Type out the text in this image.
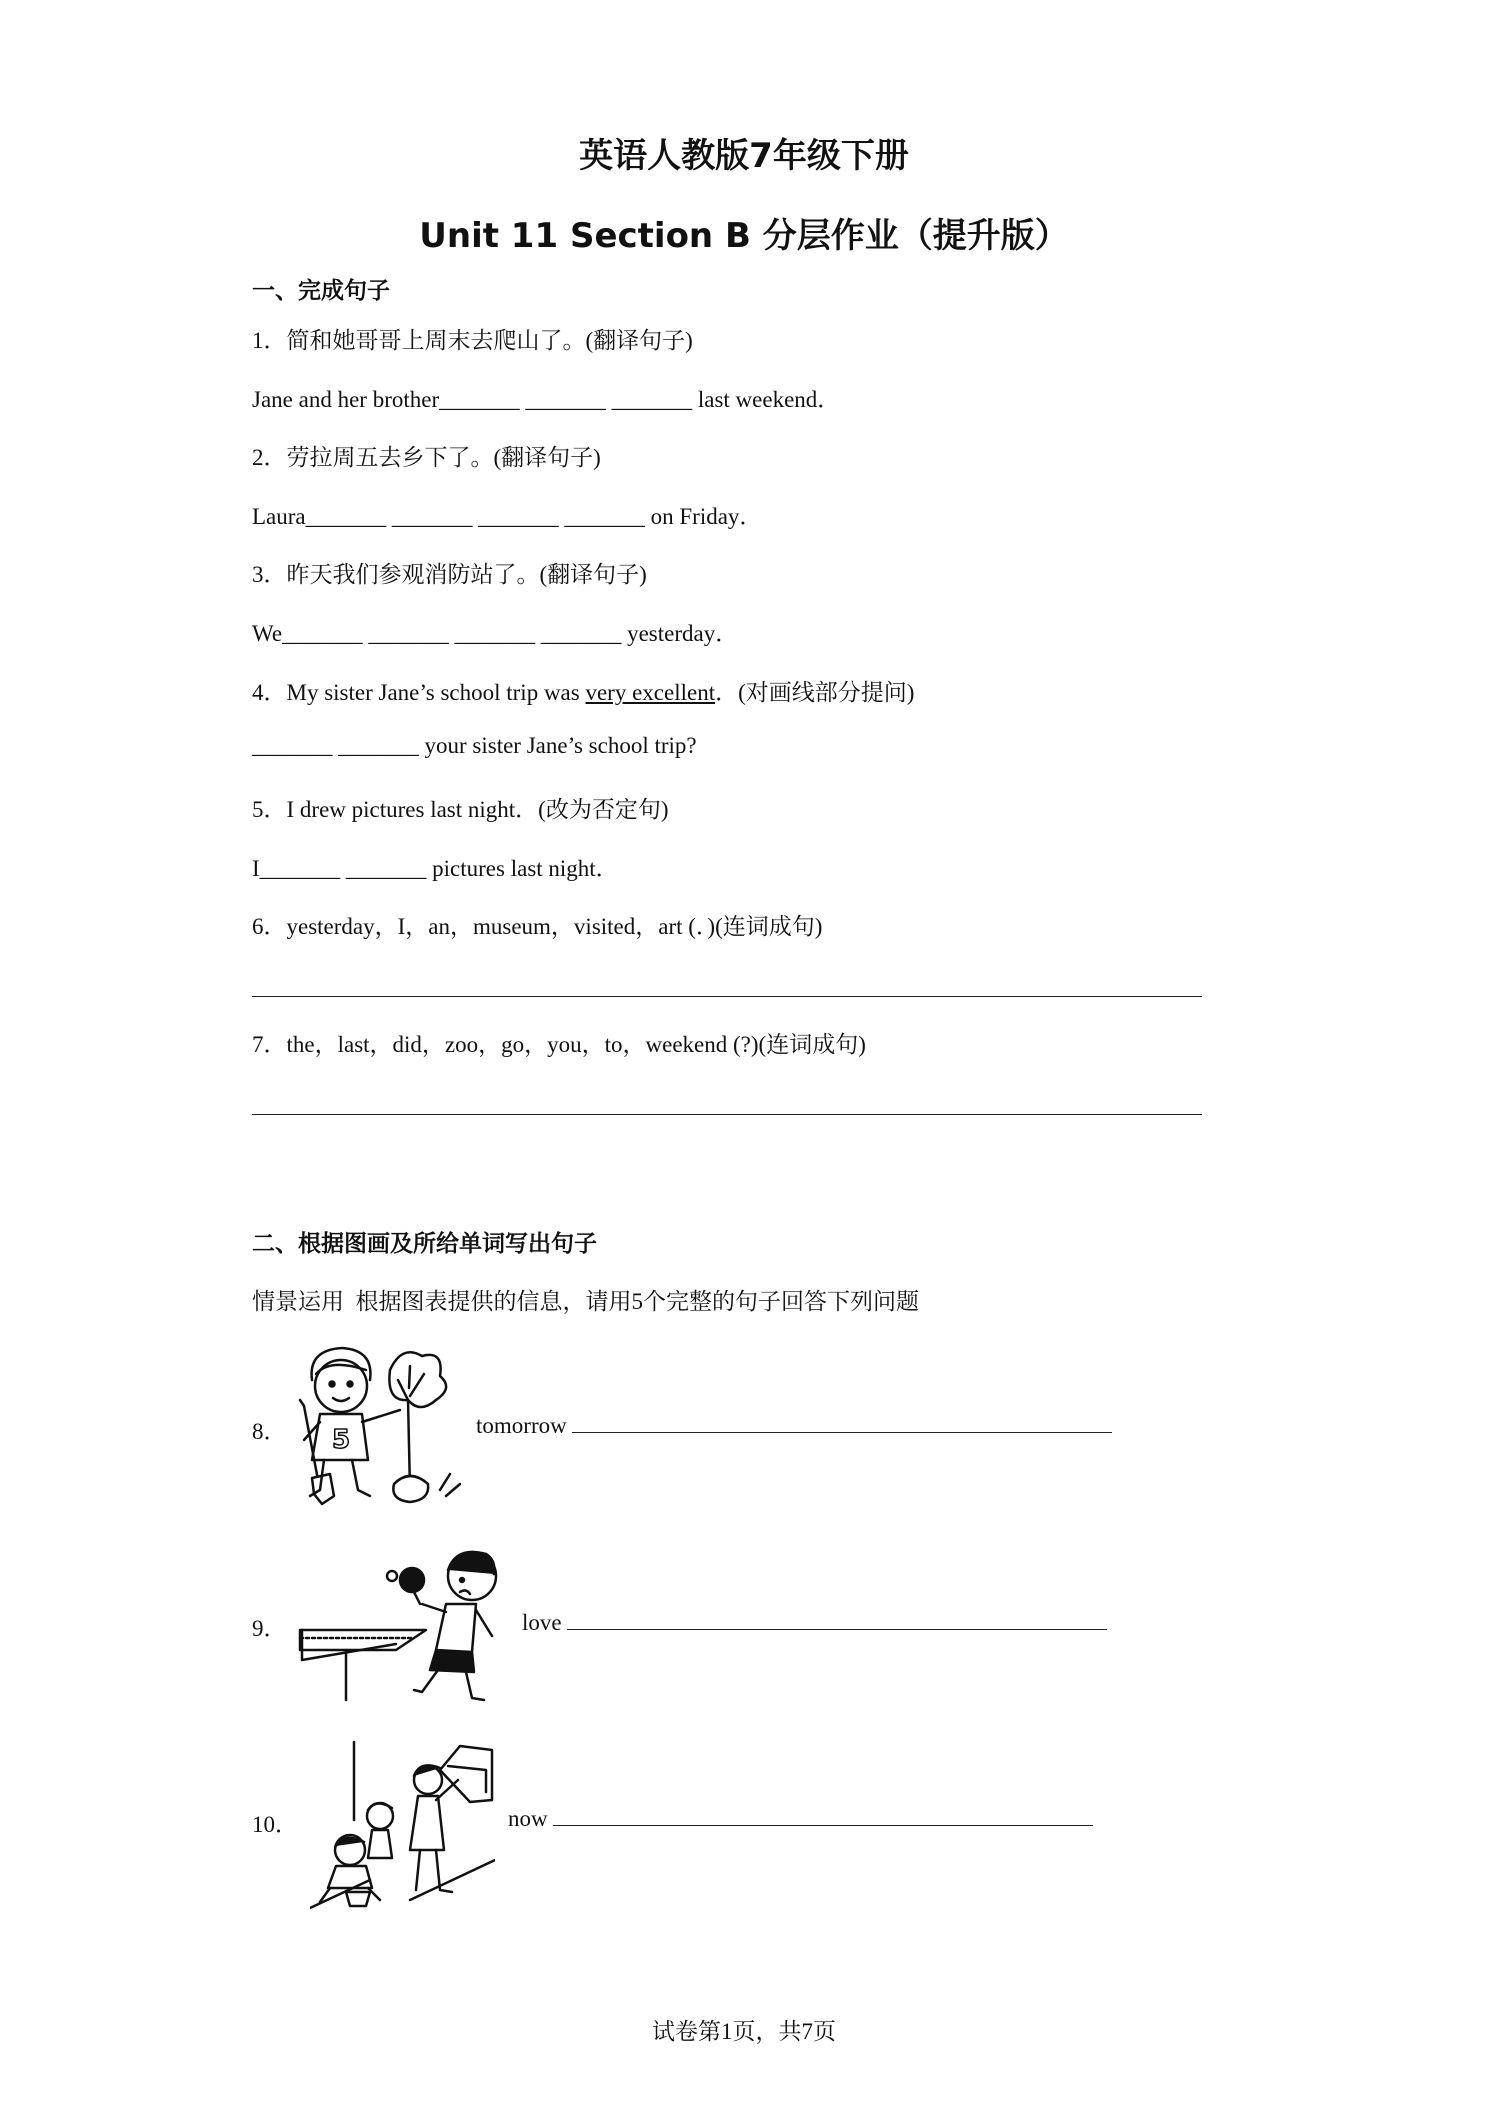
英语人教版7年级下册
Unit 11 Section B 分层作业（提升版）
一、完成句子
1．简和她哥哥上周末去爬山了。(翻译句子)
Jane and her brother_______ _______ _______ last weekend．
2．劳拉周五去乡下了。(翻译句子)
Laura_______ _______ _______ _______ on Friday．
3．昨天我们参观消防站了。(翻译句子)
We_______ _______ _______ _______ yesterday．
4．My sister Jane’s school trip was very excellent．(对画线部分提问)
_______ _______ your sister Jane’s school trip?
5．I drew pictures last night．(改为否定句)
I_______ _______ pictures last night．
6．yesterday，I，an，museum，visited，art (．)(连词成句)
7．the，last，did，zoo，go，you，to，weekend (?)(连词成句)
二、根据图画及所给单词写出句子
情景运用  根据图表提供的信息，请用5个完整的句子回答下列问题
8． 5	tomorrow
9．	love
10．	now
试卷第1页，共7页
